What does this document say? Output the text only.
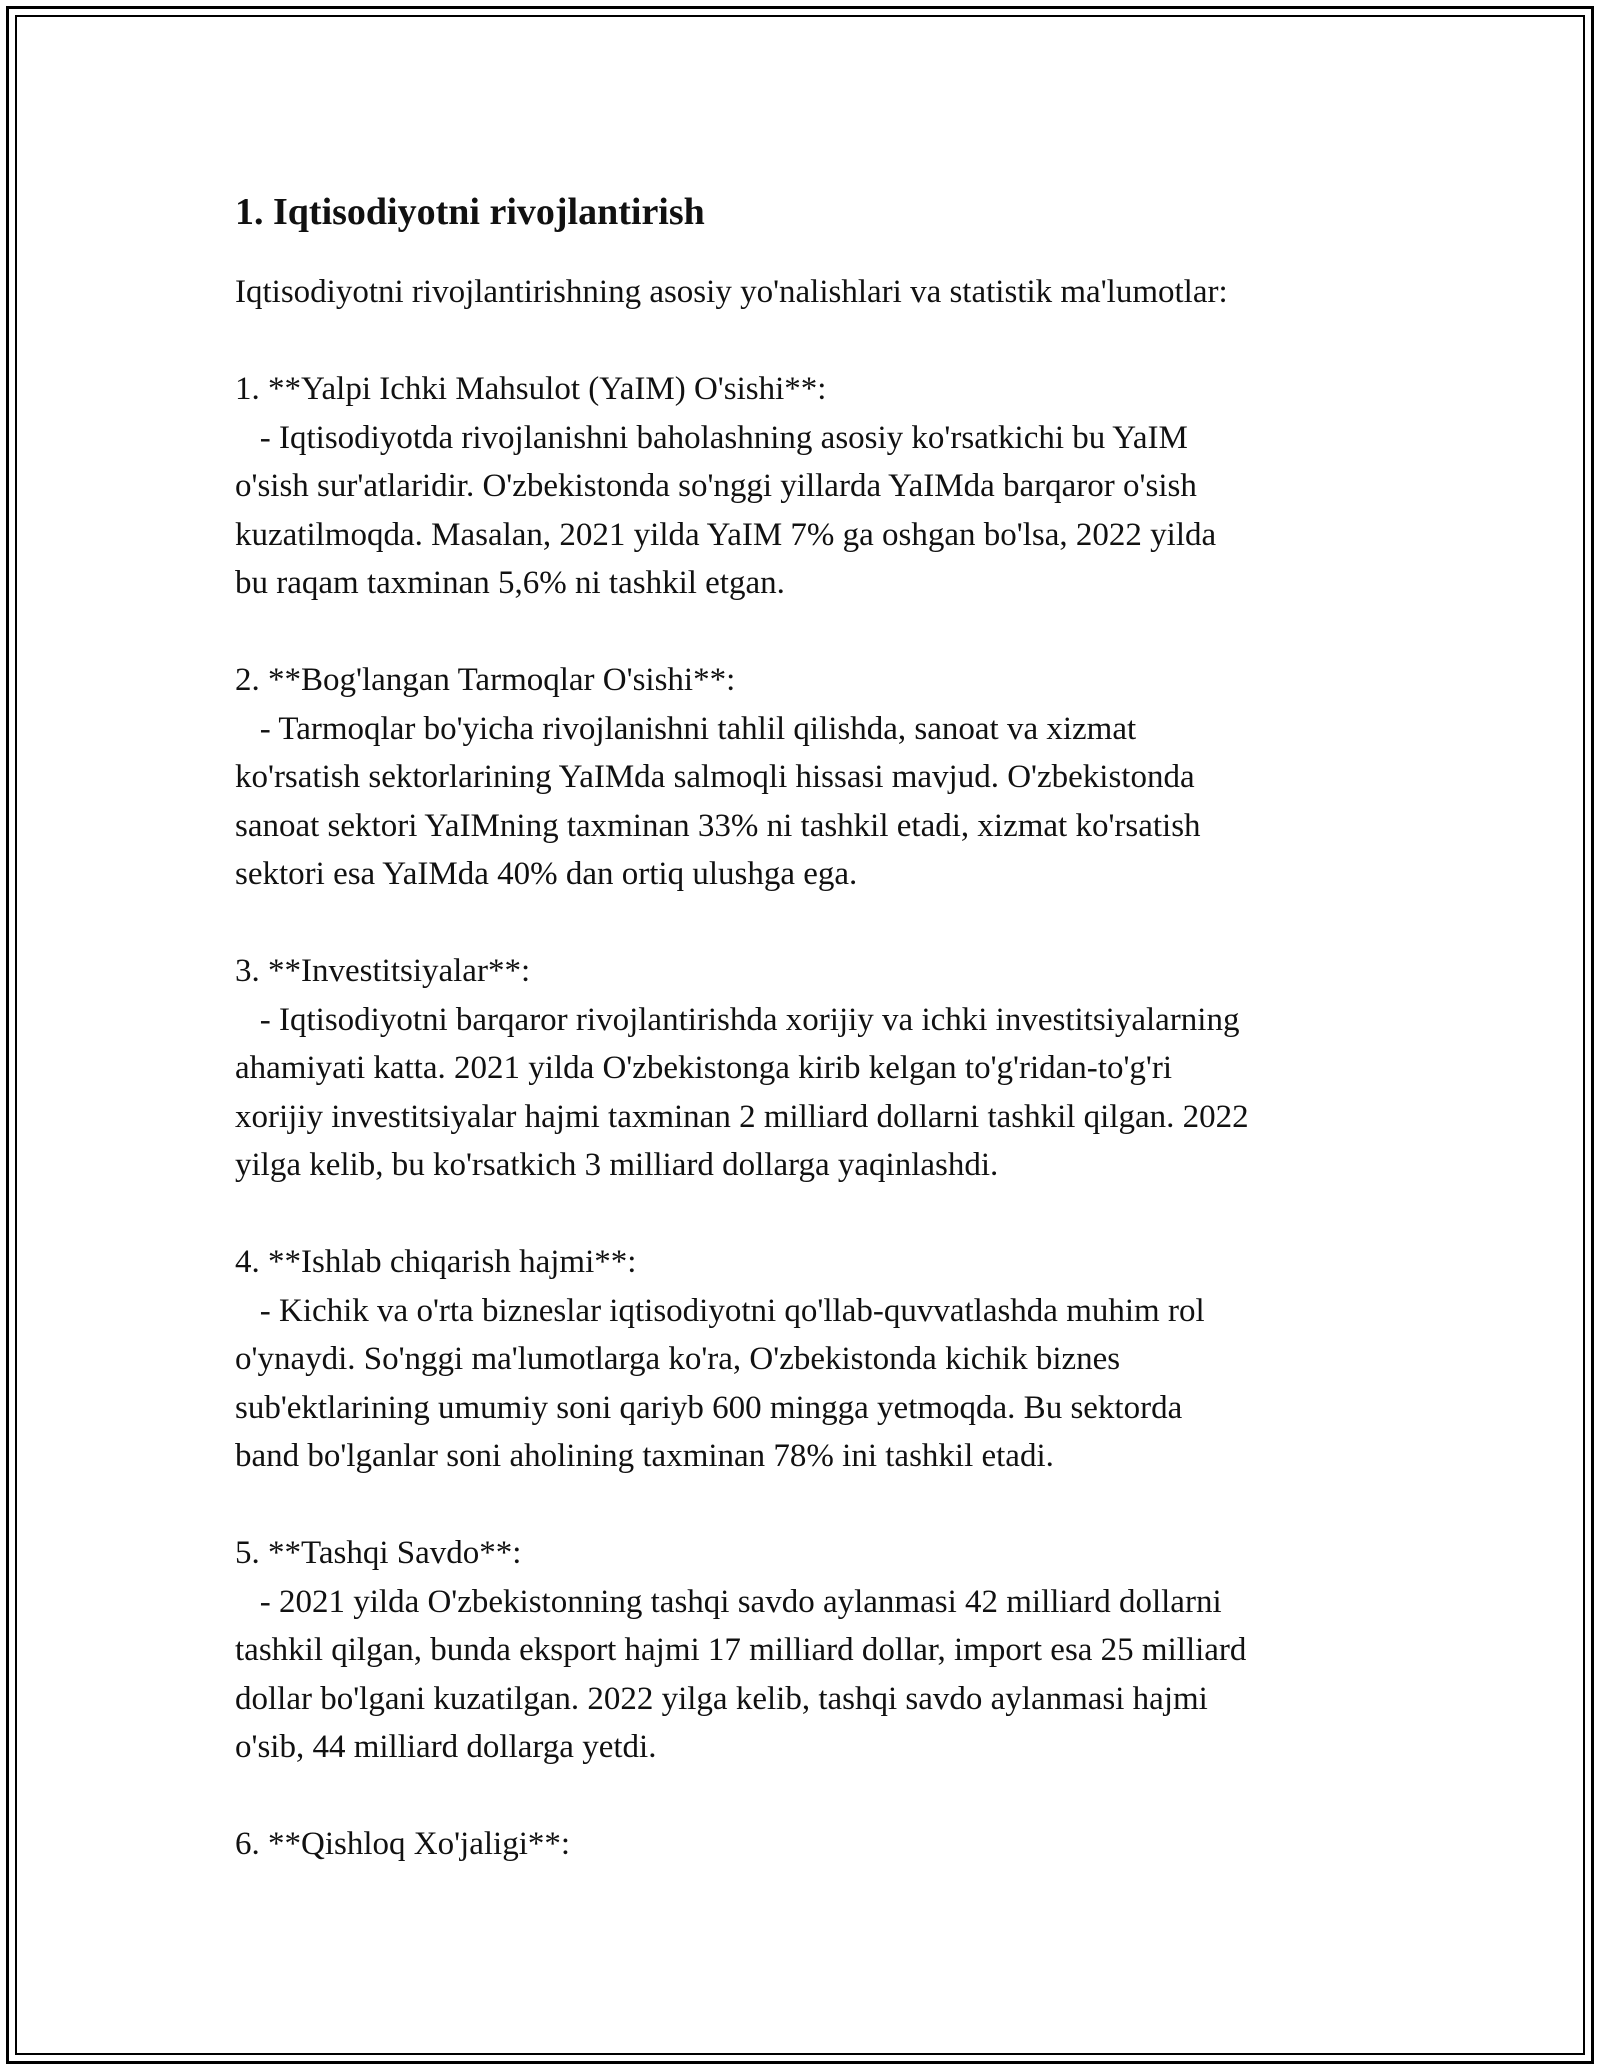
1. Iqtisodiyotni rivojlantirish

Iqtisodiyotni rivojlantirishning asosiy yo'nalishlari va statistik ma'lumotlar:

1. **Yalpi Ichki Mahsulot (YaIM) O'sishi**:
- Iqtisodiyotda rivojlanishni baholashning asosiy ko'rsatkichi bu YaIM
o'sish sur'atlaridir. O'zbekistonda so'nggi yillarda YaIMda barqaror o'sish
kuzatilmoqda. Masalan, 2021 yilda YaIM 7% ga oshgan bo'lsa, 2022 yilda
bu raqam taxminan 5,6% ni tashkil etgan.
2. **Bog'langan Tarmoqlar O'sishi**:
- Tarmoqlar bo'yicha rivojlanishni tahlil qilishda, sanoat va xizmat
ko'rsatish sektorlarining YaIMda salmoqli hissasi mavjud. O'zbekistonda
sanoat sektori YaIMning taxminan 33% ni tashkil etadi, xizmat ko'rsatish
sektori esa YaIMda 40% dan ortiq ulushga ega.
3. **Investitsiyalar**:
- Iqtisodiyotni barqaror rivojlantirishda xorijiy va ichki investitsiyalarning
ahamiyati katta. 2021 yilda O'zbekistonga kirib kelgan to'g'ridan-to'g'ri
xorijiy investitsiyalar hajmi taxminan 2 milliard dollarni tashkil qilgan. 2022
yilga kelib, bu ko'rsatkich 3 milliard dollarga yaqinlashdi.
4. **Ishlab chiqarish hajmi**:
- Kichik va o'rta bizneslar iqtisodiyotni qo'llab-quvvatlashda muhim rol
o'ynaydi. So'nggi ma'lumotlarga ko'ra, O'zbekistonda kichik biznes
sub'ektlarining umumiy soni qariyb 600 mingga yetmoqda. Bu sektorda
band bo'lganlar soni aholining taxminan 78% ini tashkil etadi.
5. **Tashqi Savdo**:
- 2021 yilda O'zbekistonning tashqi savdo aylanmasi 42 milliard dollarni
tashkil qilgan, bunda eksport hajmi 17 milliard dollar, import esa 25 milliard
dollar bo'lgani kuzatilgan. 2022 yilga kelib, tashqi savdo aylanmasi hajmi
o'sib, 44 milliard dollarga yetdi.
6. **Qishloq Xo'jaligi**:
